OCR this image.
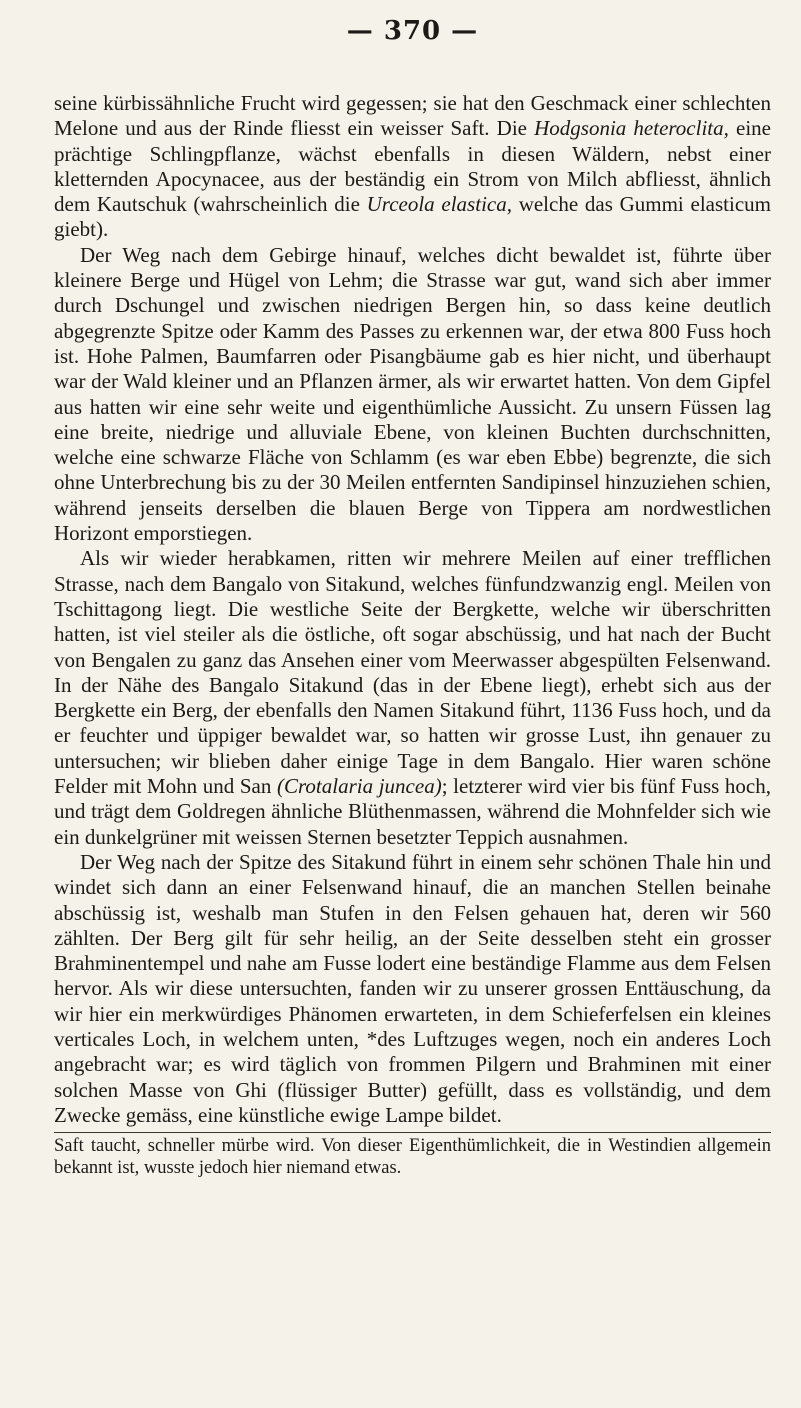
— 370 —

seine kürbissähnliche Frucht wird gegessen; sie hat den Geschmack einer schlechten Melone und aus der Rinde fliesst ein weisser Saft. Die Hodgsonia heteroclita, eine prächtige Schlingpflanze, wächst ebenfalls in diesen Wäldern, nebst einer kletternden Apocynacee, aus der beständig ein Strom von Milch abfliesst, ähnlich dem Kautschuk (wahrscheinlich die Urceola elastica, welche das Gummi elasticum giebt).

Der Weg nach dem Gebirge hinauf, welches dicht bewaldet ist, führte über kleinere Berge und Hügel von Lehm; die Strasse war gut, wand sich aber immer durch Dschungel und zwischen niedrigen Bergen hin, so dass keine deutlich abgegrenzte Spitze oder Kamm des Passes zu erkennen war, der etwa 800 Fuss hoch ist. Hohe Palmen, Baumfarren oder Pisangbäume gab es hier nicht, und überhaupt war der Wald kleiner und an Pflanzen ärmer, als wir erwartet hatten. Von dem Gipfel aus hatten wir eine sehr weite und eigenthümliche Aussicht. Zu unsern Füssen lag eine breite, niedrige und alluviale Ebene, von kleinen Buchten durchschnitten, welche eine schwarze Fläche von Schlamm (es war eben Ebbe) begrenzte, die sich ohne Unterbrechung bis zu der 30 Meilen entfernten Sandipinsel hinzuziehen schien, während jenseits derselben die blauen Berge von Tippera am nordwestlichen Horizont emporstiegen.

Als wir wieder herabkamen, ritten wir mehrere Meilen auf einer trefflichen Strasse, nach dem Bangalo von Sitakund, welches fünfundzwanzig engl. Meilen von Tschittagong liegt. Die westliche Seite der Bergkette, welche wir überschritten hatten, ist viel steiler als die östliche, oft sogar abschüssig, und hat nach der Bucht von Bengalen zu ganz das Ansehen einer vom Meerwasser abgespülten Felsenwand. In der Nähe des Bangalo Sitakund (das in der Ebene liegt), erhebt sich aus der Bergkette ein Berg, der ebenfalls den Namen Sitakund führt, 1136 Fuss hoch, und da er feuchter und üppiger bewaldet war, so hatten wir grosse Lust, ihn genauer zu untersuchen; wir blieben daher einige Tage in dem Bangalo. Hier waren schöne Felder mit Mohn und San (Crotalaria juncea); letzterer wird vier bis fünf Fuss hoch, und trägt dem Goldregen ähnliche Blüthenmassen, während die Mohnfelder sich wie ein dunkelgrüner mit weissen Sternen besetzter Teppich ausnahmen.

Der Weg nach der Spitze des Sitakund führt in einem sehr schönen Thale hin und windet sich dann an einer Felsenwand hinauf, die an manchen Stellen beinahe abschüssig ist, weshalb man Stufen in den Felsen gehauen hat, deren wir 560 zählten. Der Berg gilt für sehr heilig, an der Seite desselben steht ein grosser Brahminentempel und nahe am Fusse lodert eine beständige Flamme aus dem Felsen hervor. Als wir diese untersuchten, fanden wir zu unserer grossen Enttäuschung, da wir hier ein merkwürdiges Phänomen erwarteten, in dem Schieferfelsen ein kleines verticales Loch, in welchem unten, *des Luftzuges wegen, noch ein anderes Loch angebracht war; es wird täglich von frommen Pilgern und Brahminen mit einer solchen Masse von Ghi (flüssiger Butter) gefüllt, dass es vollständig, und dem Zwecke gemäss, eine künstliche ewige Lampe bildet.

Saft taucht, schneller mürbe wird. Von dieser Eigenthümlichkeit, die in Westindien allgemein bekannt ist, wusste jedoch hier niemand etwas.
